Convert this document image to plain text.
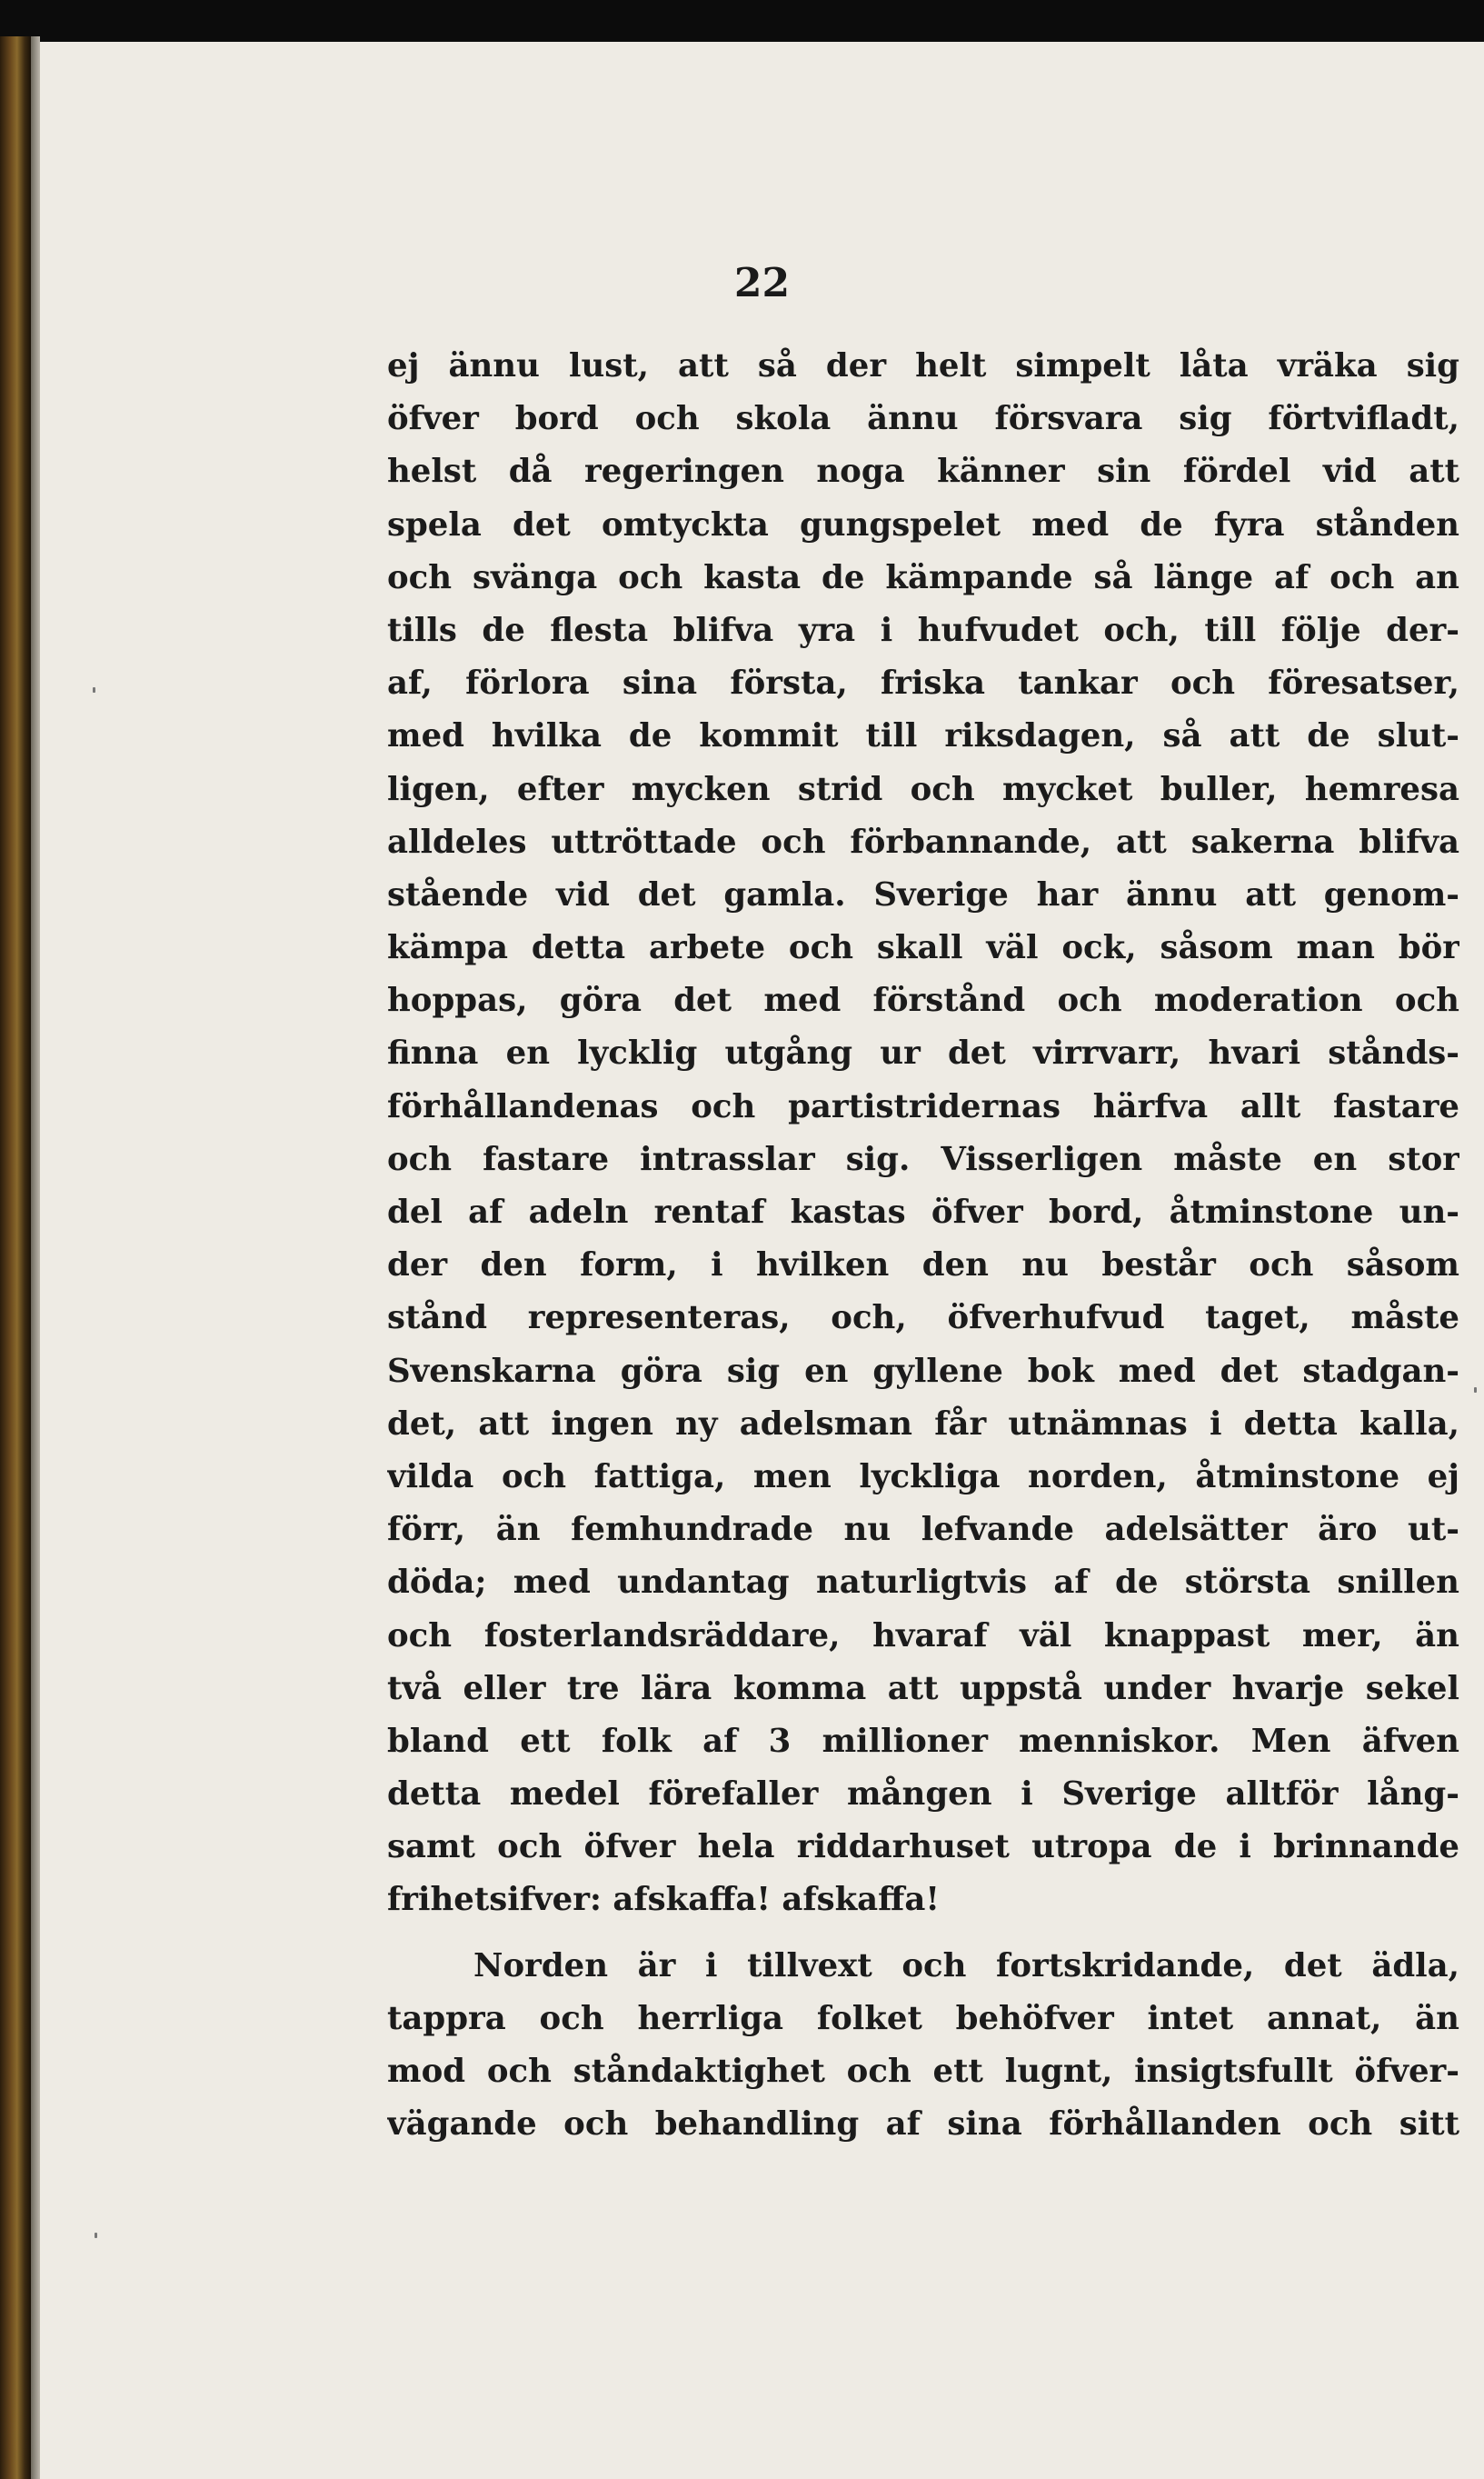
22
ej ännu lust, att så der helt simpelt låta vräka sig
öfver bord och skola ännu försvara sig förtviﬂadt,
helst då regeringen noga känner sin fördel vid att
spela det omtyckta gungspelet med de fyra stånden
och svänga och kasta de kämpande så länge af och an
tills de ﬂesta blifva yra i hufvudet och, till följe der-
af, förlora sina första, friska tankar och föresatser,
med hvilka de kommit till riksdagen, så att de slut-
ligen, efter mycken strid och mycket buller, hemresa
alldeles uttröttade och förbannande, att sakerna blifva
stående vid det gamla. Sverige har ännu att genom-
kämpa detta arbete och skall väl ock, såsom man bör
hoppas, göra det med förstånd och moderation och
finna en lycklig utgång ur det virrvarr, hvari stånds-
förhållandenas och partistridernas härfva allt fastare
och fastare intrasslar sig. Visserligen måste en stor
del af adeln rentaf kastas öfver bord, åtminstone un-
der den form, i hvilken den nu består och såsom
stånd representeras, och, öfverhufvud taget, måste
Svenskarna göra sig en gyllene bok med det stadgan-
det, att ingen ny adelsman får utnämnas i detta kalla,
vilda och fattiga, men lyckliga norden, åtminstone ej
förr, än femhundrade nu lefvande adelsätter äro ut-
döda; med undantag naturligtvis af de största snillen
och fosterlandsräddare, hvaraf väl knappast mer, än
två eller tre lära komma att uppstå under hvarje sekel
bland ett folk af 3 millioner menniskor. Men äfven
detta medel förefaller mången i Sverige alltför lång-
samt och öfver hela riddarhuset utropa de i brinnande
frihetsifver: afskaffa! afskaffa!
Norden är i tillvext och fortskridande, det ädla,
tappra och herrliga folket behöfver intet annat, än
mod och ståndaktighet och ett lugnt, insigtsfullt öfver-
vägande och behandling af sina förhållanden och sitt
